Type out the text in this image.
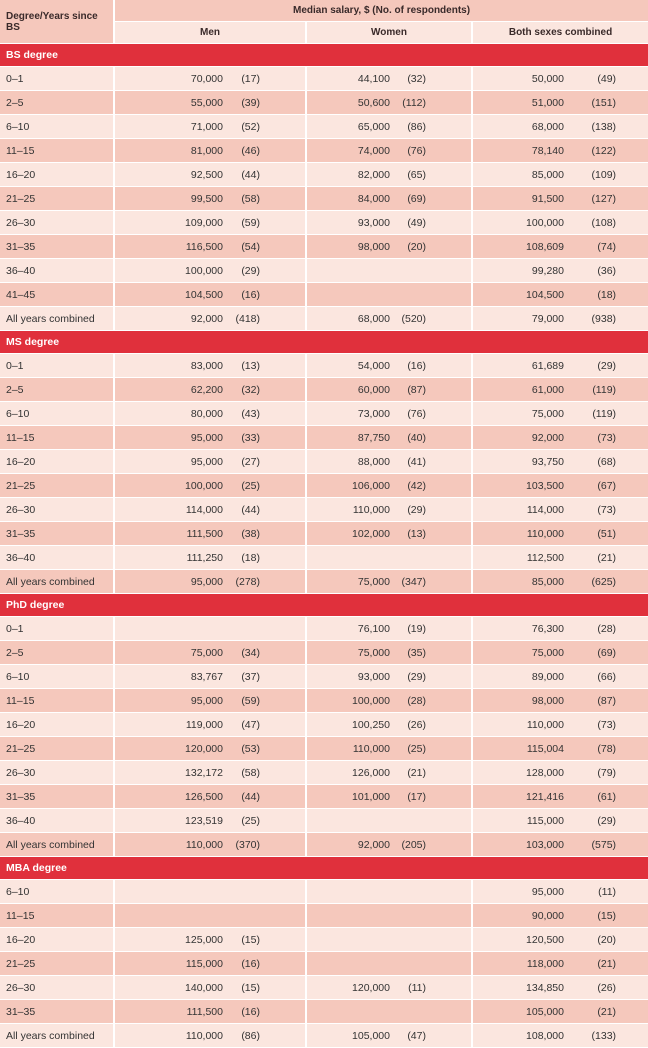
Degree/Years since BS	Median salary, $ (No. of respondents)					
	Men		Women		Both sexes combined	
BS degree						
0–1	70,000	(17)	44,100	(32)	50,000	(49)
2–5	55,000	(39)	50,600	(112)	51,000	(151)
6–10	71,000	(52)	65,000	(86)	68,000	(138)
11–15	81,000	(46)	74,000	(76)	78,140	(122)
16–20	92,500	(44)	82,000	(65)	85,000	(109)
21–25	99,500	(58)	84,000	(69)	91,500	(127)
26–30	109,000	(59)	93,000	(49)	100,000	(108)
31–35	116,500	(54)	98,000	(20)	108,609	(74)
36–40	100,000	(29)			99,280	(36)
41–45	104,500	(16)			104,500	(18)
All years combined	92,000	(418)	68,000	(520)	79,000	(938)
MS degree						
0–1	83,000	(13)	54,000	(16)	61,689	(29)
2–5	62,200	(32)	60,000	(87)	61,000	(119)
6–10	80,000	(43)	73,000	(76)	75,000	(119)
11–15	95,000	(33)	87,750	(40)	92,000	(73)
16–20	95,000	(27)	88,000	(41)	93,750	(68)
21–25	100,000	(25)	106,000	(42)	103,500	(67)
26–30	114,000	(44)	110,000	(29)	114,000	(73)
31–35	111,500	(38)	102,000	(13)	110,000	(51)
36–40	111,250	(18)			112,500	(21)
All years combined	95,000	(278)	75,000	(347)	85,000	(625)
PhD degree						
0–1			76,100	(19)	76,300	(28)
2–5	75,000	(34)	75,000	(35)	75,000	(69)
6–10	83,767	(37)	93,000	(29)	89,000	(66)
11–15	95,000	(59)	100,000	(28)	98,000	(87)
16–20	119,000	(47)	100,250	(26)	110,000	(73)
21–25	120,000	(53)	110,000	(25)	115,004	(78)
26–30	132,172	(58)	126,000	(21)	128,000	(79)
31–35	126,500	(44)	101,000	(17)	121,416	(61)
36–40	123,519	(25)			115,000	(29)
All years combined	110,000	(370)	92,000	(205)	103,000	(575)
MBA degree						
6–10					95,000	(11)
11–15					90,000	(15)
16–20	125,000	(15)			120,500	(20)
21–25	115,000	(16)			118,000	(21)
26–30	140,000	(15)	120,000	(11)	134,850	(26)
31–35	111,500	(16)			105,000	(21)
All years combined	110,000	(86)	105,000	(47)	108,000	(133)
